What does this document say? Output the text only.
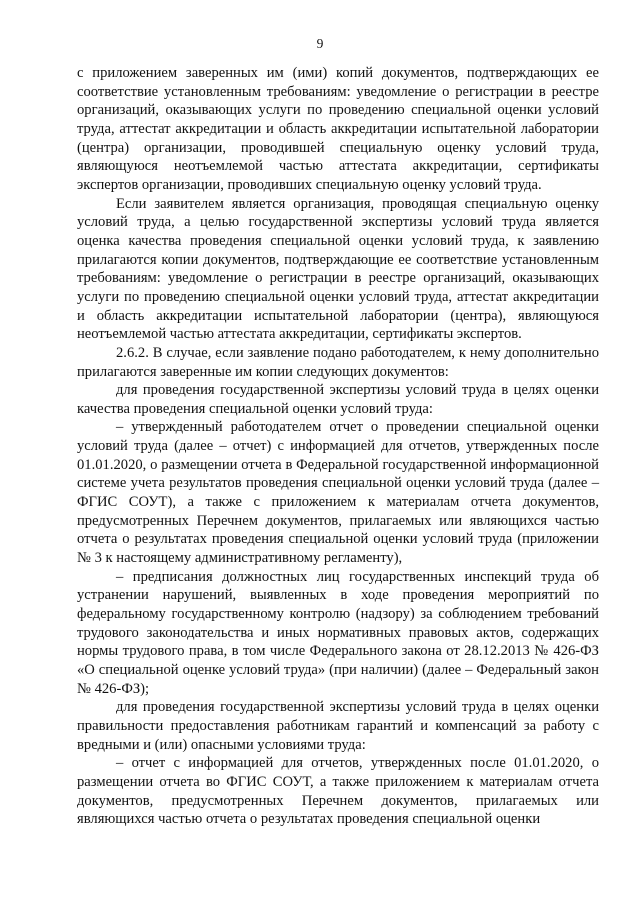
9

с приложением заверенных им (ими) копий документов, подтверждающих ее соответствие установленным требованиям: уведомление о регистрации в реестре организаций, оказывающих услуги по проведению специальной оценки условий труда, аттестат аккредитации и область аккредитации испытательной лаборатории (центра) организации, проводившей специальную оценку условий труда, являющуюся неотъемлемой частью аттестата аккредитации, сертификаты экспертов организации, проводивших специальную оценку условий труда.

Если заявителем является организация, проводящая специальную оценку условий труда, а целью государственной экспертизы условий труда является оценка качества проведения специальной оценки условий труда, к заявлению прилагаются копии документов, подтверждающие ее соответствие установленным требованиям: уведомление о регистрации в реестре организаций, оказывающих услуги по проведению специальной оценки условий труда, аттестат аккредитации и область аккредитации испытательной лаборатории (центра), являющуюся неотъемлемой частью аттестата аккредитации, сертификаты экспертов.

2.6.2. В случае, если заявление подано работодателем, к нему дополнительно прилагаются заверенные им копии следующих документов:

для проведения государственной экспертизы условий труда в целях оценки качества проведения специальной оценки условий труда:

– утвержденный работодателем отчет о проведении специальной оценки условий труда (далее – отчет) с информацией для отчетов, утвержденных после 01.01.2020, о размещении отчета в Федеральной государственной информационной системе учета результатов проведения специальной оценки условий труда (далее – ФГИС СОУТ), а также с приложением к материалам отчета документов, предусмотренных Перечнем документов, прилагаемых или являющихся частью отчета о результатах проведения специальной оценки условий труда (приложении № 3 к настоящему административному регламенту),

– предписания должностных лиц государственных инспекций труда об устранении нарушений, выявленных в ходе проведения мероприятий по федеральному государственному контролю (надзору) за соблюдением требований трудового законодательства и иных нормативных правовых актов, содержащих нормы трудового права, в том числе Федерального закона от 28.12.2013 № 426-ФЗ «О специальной оценке условий труда» (при наличии) (далее – Федеральный закон № 426-ФЗ);

для проведения государственной экспертизы условий труда в целях оценки правильности предоставления работникам гарантий и компенсаций за работу с вредными и (или) опасными условиями труда:

– отчет с информацией для отчетов, утвержденных после 01.01.2020, о размещении отчета во ФГИС СОУТ, а также приложением к материалам отчета документов, предусмотренных Перечнем документов, прилагаемых или являющихся частью отчета о результатах проведения специальной оценки
